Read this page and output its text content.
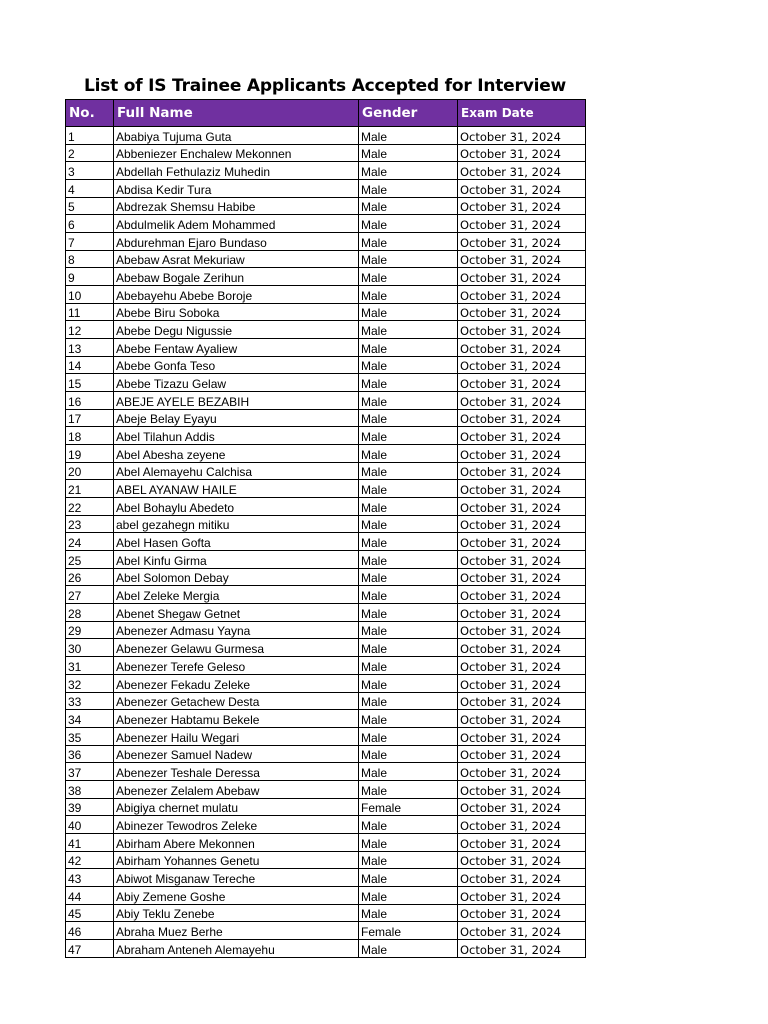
List of IS Trainee Applicants Accepted for Interview
No.	Full Name	Gender	Exam Date
1	Ababiya Tujuma Guta	Male	October 31, 2024
2	Abbeniezer Enchalew Mekonnen	Male	October 31, 2024
3	Abdellah Fethulaziz Muhedin	Male	October 31, 2024
4	Abdisa Kedir Tura	Male	October 31, 2024
5	Abdrezak Shemsu Habibe	Male	October 31, 2024
6	Abdulmelik Adem Mohammed	Male	October 31, 2024
7	Abdurehman Ejaro Bundaso	Male	October 31, 2024
8	Abebaw Asrat Mekuriaw	Male	October 31, 2024
9	Abebaw Bogale Zerihun	Male	October 31, 2024
10	Abebayehu Abebe Boroje	Male	October 31, 2024
11	Abebe Biru Soboka	Male	October 31, 2024
12	Abebe Degu Nigussie	Male	October 31, 2024
13	Abebe Fentaw Ayaliew	Male	October 31, 2024
14	Abebe Gonfa Teso	Male	October 31, 2024
15	Abebe Tizazu Gelaw	Male	October 31, 2024
16	ABEJE AYELE BEZABIH	Male	October 31, 2024
17	Abeje Belay Eyayu	Male	October 31, 2024
18	Abel Tilahun Addis	Male	October 31, 2024
19	Abel Abesha zeyene	Male	October 31, 2024
20	Abel Alemayehu Calchisa	Male	October 31, 2024
21	ABEL AYANAW HAILE	Male	October 31, 2024
22	Abel Bohaylu Abedeto	Male	October 31, 2024
23	abel gezahegn mitiku	Male	October 31, 2024
24	Abel Hasen Gofta	Male	October 31, 2024
25	Abel Kinfu Girma	Male	October 31, 2024
26	Abel Solomon Debay	Male	October 31, 2024
27	Abel Zeleke Mergia	Male	October 31, 2024
28	Abenet Shegaw Getnet	Male	October 31, 2024
29	Abenezer Admasu Yayna	Male	October 31, 2024
30	Abenezer Gelawu Gurmesa	Male	October 31, 2024
31	Abenezer Terefe Geleso	Male	October 31, 2024
32	Abenezer Fekadu Zeleke	Male	October 31, 2024
33	Abenezer Getachew Desta	Male	October 31, 2024
34	Abenezer Habtamu Bekele	Male	October 31, 2024
35	Abenezer Hailu Wegari	Male	October 31, 2024
36	Abenezer Samuel Nadew	Male	October 31, 2024
37	Abenezer Teshale Deressa	Male	October 31, 2024
38	Abenezer Zelalem Abebaw	Male	October 31, 2024
39	Abigiya chernet mulatu	Female	October 31, 2024
40	Abinezer Tewodros Zeleke	Male	October 31, 2024
41	Abirham Abere Mekonnen	Male	October 31, 2024
42	Abirham Yohannes Genetu	Male	October 31, 2024
43	Abiwot Misganaw Tereche	Male	October 31, 2024
44	Abiy Zemene Goshe	Male	October 31, 2024
45	Abiy Teklu Zenebe	Male	October 31, 2024
46	Abraha Muez Berhe	Female	October 31, 2024
47	Abraham Anteneh Alemayehu	Male	October 31, 2024
